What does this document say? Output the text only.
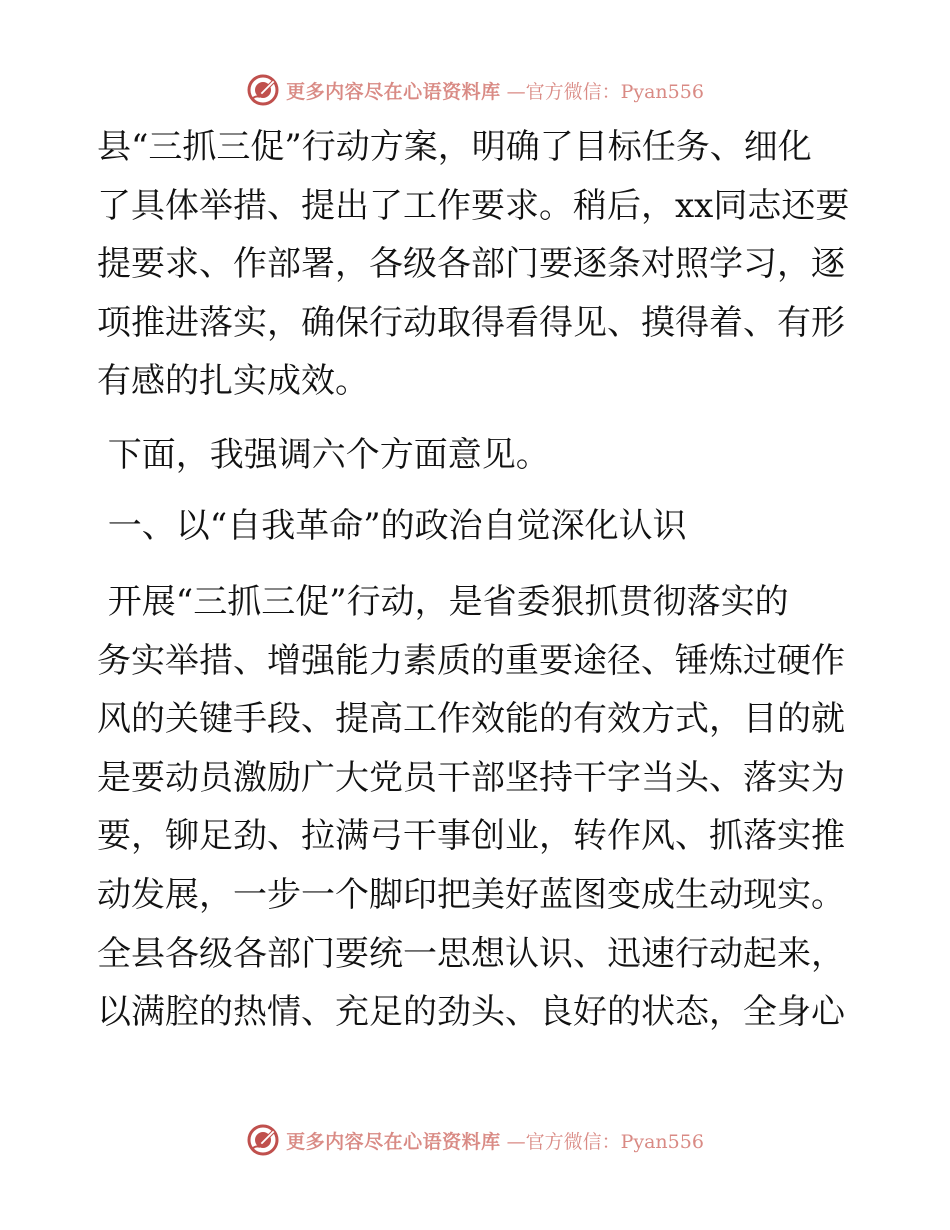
更多内容尽在心语资料库 —官方微信：Pyan556
县“三抓三促”行动方案，明确了目标任务、细化
了具体举措、提出了工作要求。稍后，xx同志还要
提要求、作部署，各级各部门要逐条对照学习，逐
项推进落实，确保行动取得看得见、摸得着、有形
有感的扎实成效。
下面，我强调六个方面意见。
一、以“自我革命”的政治自觉深化认识
开展“三抓三促”行动，是省委狠抓贯彻落实的
务实举措、增强能力素质的重要途径、锤炼过硬作
风的关键手段、提高工作效能的有效方式，目的就
是要动员激励广大党员干部坚持干字当头、落实为
要，铆足劲、拉满弓干事创业，转作风、抓落实推
动发展，一步一个脚印把美好蓝图变成生动现实。
全县各级各部门要统一思想认识、迅速行动起来，
以满腔的热情、充足的劲头、良好的状态，全身心
更多内容尽在心语资料库 —官方微信：Pyan556
